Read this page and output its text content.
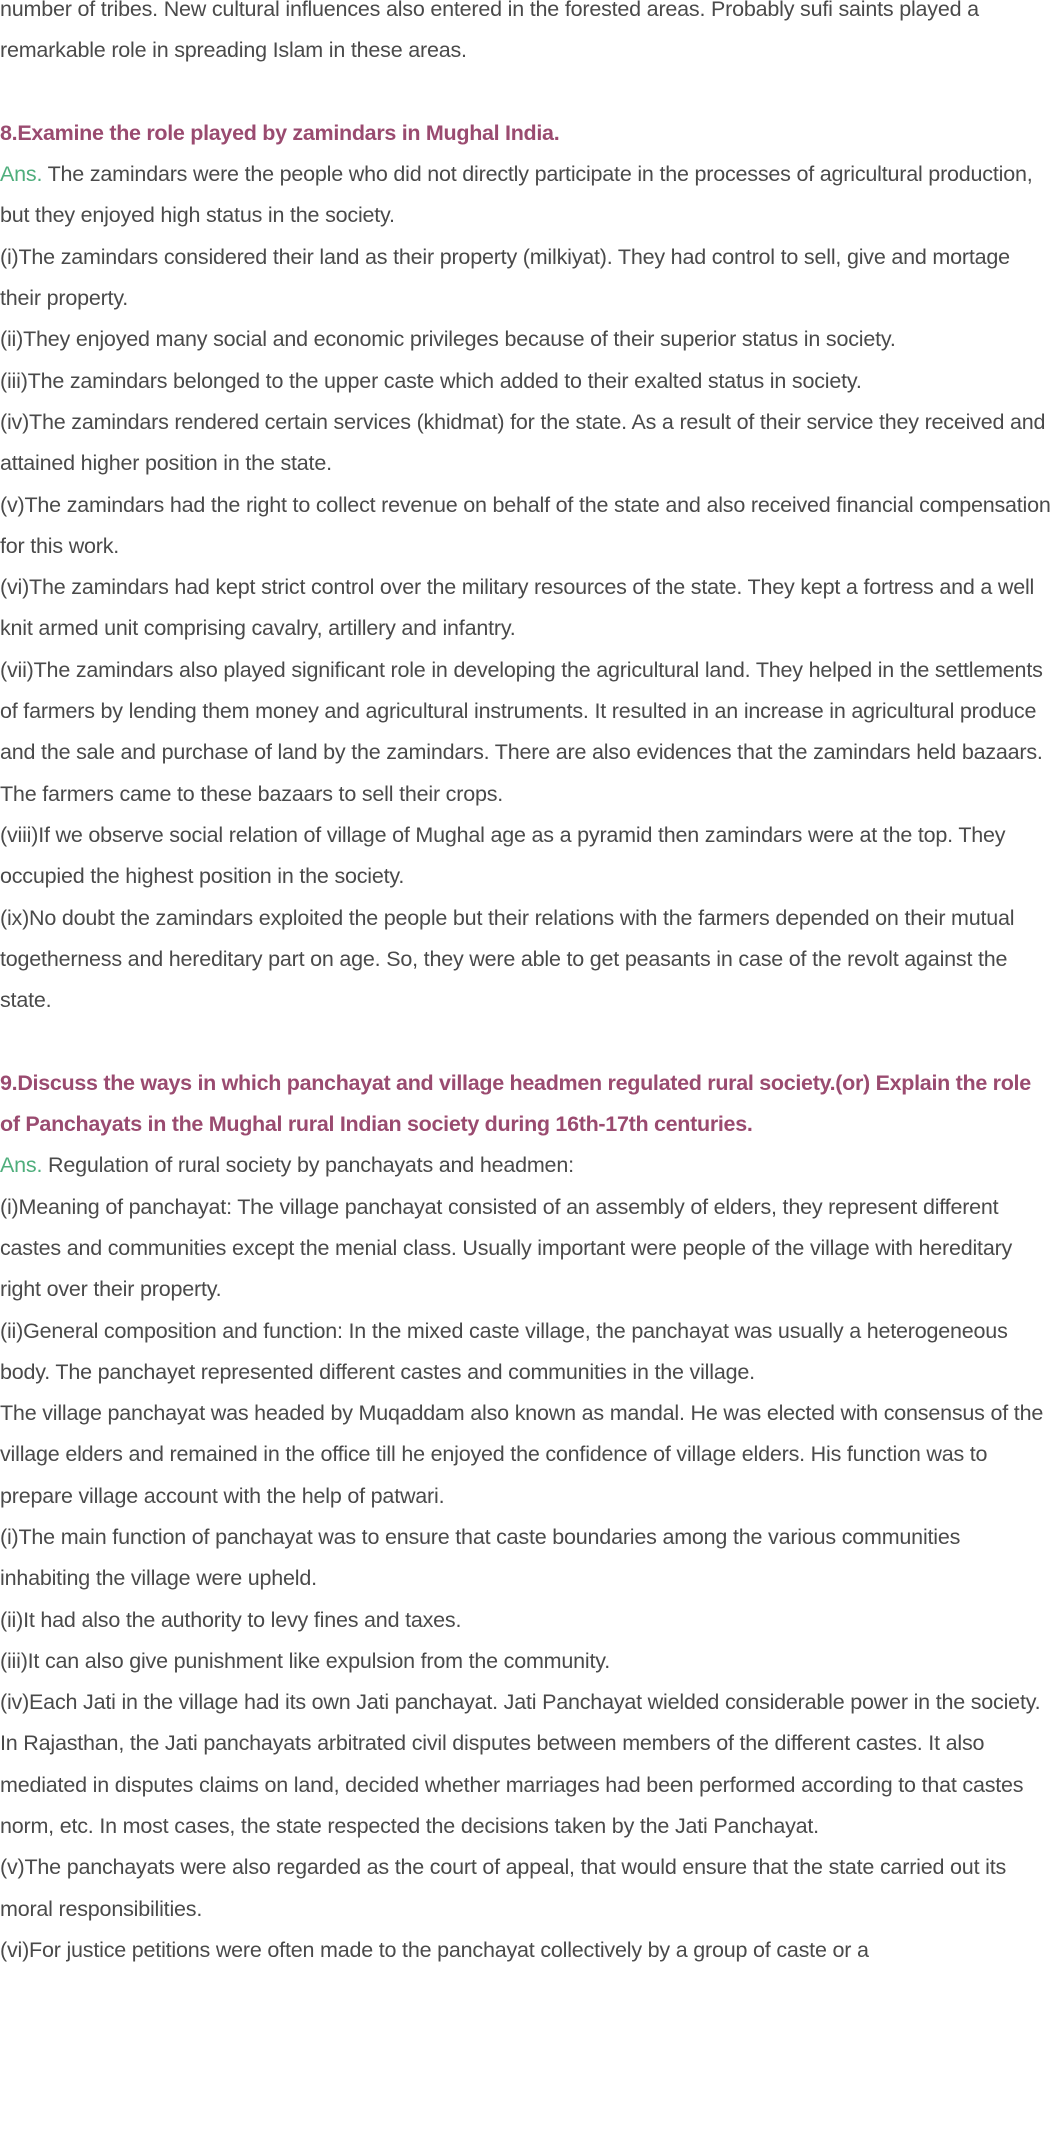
number of tribes. New cultural influences also entered in the forested areas. Probably sufi saints played a remarkable role in spreading Islam in these areas.

8.Examine the role played by zamindars in Mughal India.

Ans. The zamindars were the people who did not directly participate in the processes of agricultural production, but they enjoyed high status in the society.

(i)The zamindars considered their land as their property (milkiyat). They had control to sell, give and mortage their property.

(ii)They enjoyed many social and economic privileges because of their superior status in society.

(iii)The zamindars belonged to the upper caste which added to their exalted status in society.

(iv)The zamindars rendered certain services (khidmat) for the state. As a result of their service they received and attained higher position in the state.

(v)The zamindars had the right to collect revenue on behalf of the state and also received financial compensation for this work.

(vi)The zamindars had kept strict control over the military resources of the state. They kept a fortress and a well knit armed unit comprising cavalry, artillery and infantry.

(vii)The zamindars also played significant role in developing the agricultural land. They helped in the settlements of farmers by lending them money and agricultural instruments. It resulted in an increase in agricultural produce and the sale and purchase of land by the zamindars. There are also evidences that the zamindars held bazaars. The farmers came to these bazaars to sell their crops.

(viii)If we observe social relation of village of Mughal age as a pyramid then zamindars were at the top. They occupied the highest position in the society.

(ix)No doubt the zamindars exploited the people but their relations with the farmers depended on their mutual togetherness and hereditary part on age. So, they were able to get peasants in case of the revolt against the state.

9.Discuss the ways in which panchayat and village headmen regulated rural society.(or) Explain the role of Panchayats in the Mughal rural Indian society during 16th-17th centuries.

Ans. Regulation of rural society by panchayats and headmen:

(i)Meaning of panchayat: The village panchayat consisted of an assembly of elders, they represent different castes and communities except the menial class. Usually important were people of the village with hereditary right over their property.

(ii)General composition and function: In the mixed caste village, the panchayat was usually a heterogeneous body. The panchayet represented different castes and communities in the village.

The village panchayat was headed by Muqaddam also known as mandal. He was elected with consensus of the village elders and remained in the office till he enjoyed the confidence of village elders. His function was to prepare village account with the help of patwari.

(i)The main function of panchayat was to ensure that caste boundaries among the various communities inhabiting the village were upheld.

(ii)It had also the authority to levy fines and taxes.

(iii)It can also give punishment like expulsion from the community.

(iv)Each Jati in the village had its own Jati panchayat. Jati Panchayat wielded considerable power in the society. In Rajasthan, the Jati panchayats arbitrated civil disputes between members of the different castes. It also mediated in disputes claims on land, decided whether marriages had been performed according to that castes norm, etc. In most cases, the state respected the decisions taken by the Jati Panchayat.

(v)The panchayats were also regarded as the court of appeal, that would ensure that the state carried out its moral responsibilities.

(vi)For justice petitions were often made to the panchayat collectively by a group of caste or a
